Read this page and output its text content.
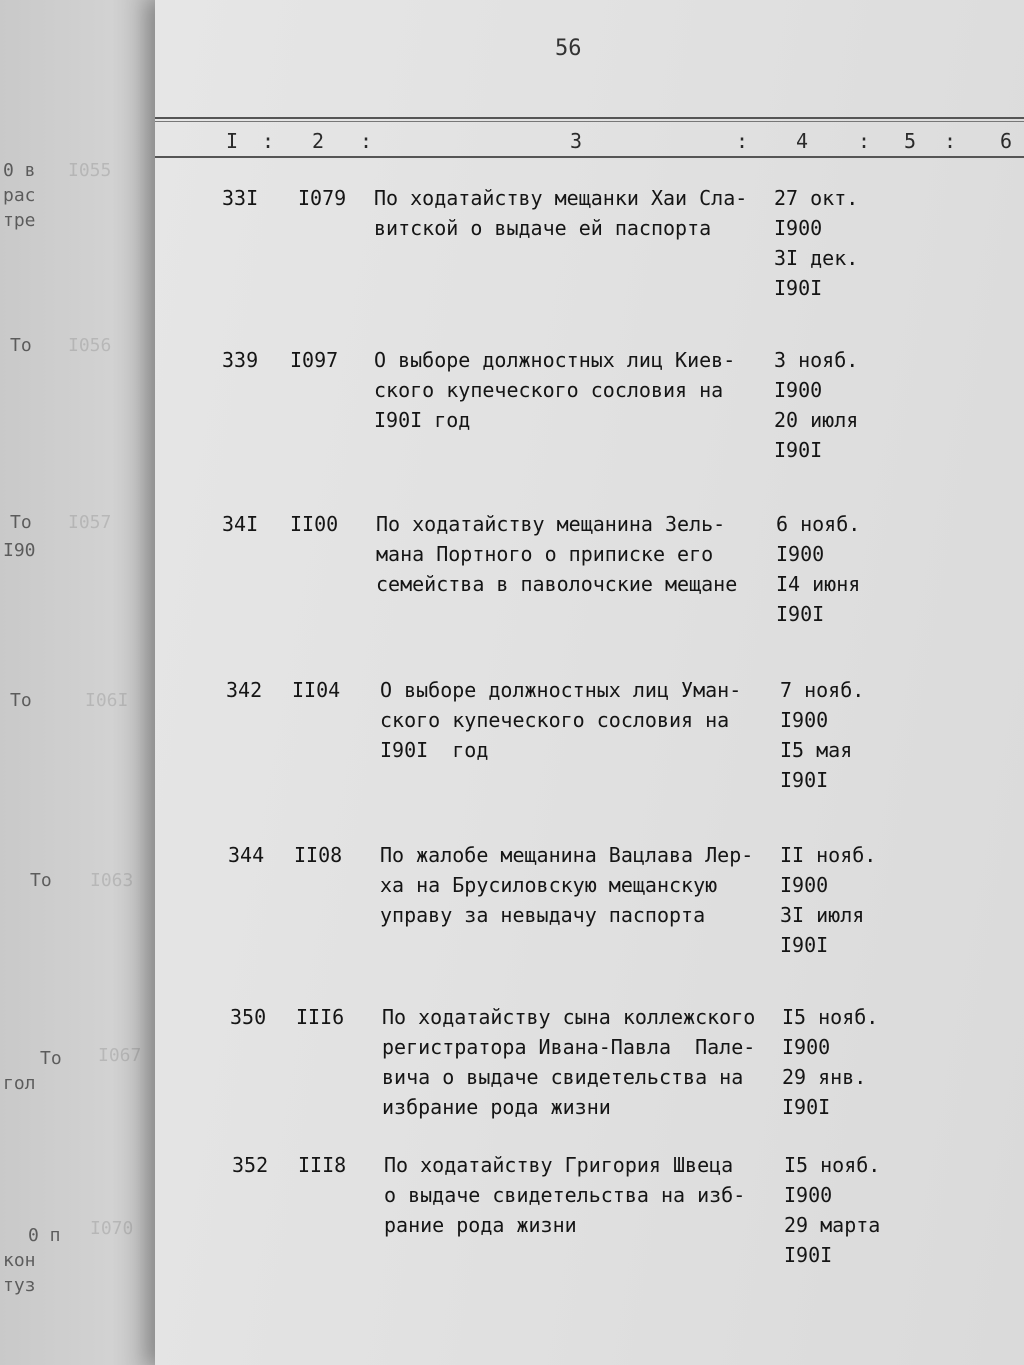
I055
0 в
рас
тре
I056
То
I057
То
I90
I06I
То
I063
То
I067
То
гол
I070
0 п
кон
туз
56
I : 2 :	3	: 4 : 5 : 6
33I I079 По ходатайству мещанки Хаи Сла-
витской о выдаче ей паспорта
27 окт.
I900
3I дек.
I90I
339 I097 О выборе должностных лиц Киев-
ского купеческого сословия на
I90I год
3 нояб.
I900
20 июля
I90I
34I II00 По ходатайству мещанина Зель-
мана Портного о приписке его
семейства в паволочские мещане
6 нояб.
I900
I4 июня
I90I
342 II04 О выборе должностных лиц Уман-
ского купеческого сословия на
I90I  год
7 нояб.
I900
I5 мая
I90I
344 II08 По жалобе мещанина Вацлава Лер-
ха на Брусиловскую мещанскую
управу за невыдачу паспорта
II нояб.
I900
3I июля
I90I
350 III6 По ходатайству сына коллежского
регистратора Ивана-Павла  Пале-
вича о выдаче свидетельства на
избрание рода жизни
I5 нояб.
I900
29 янв.
I90I
352 III8 По ходатайству Григория Швеца
о выдаче свидетельства на изб-
рание рода жизни
I5 нояб.
I900
29 марта
I90I
